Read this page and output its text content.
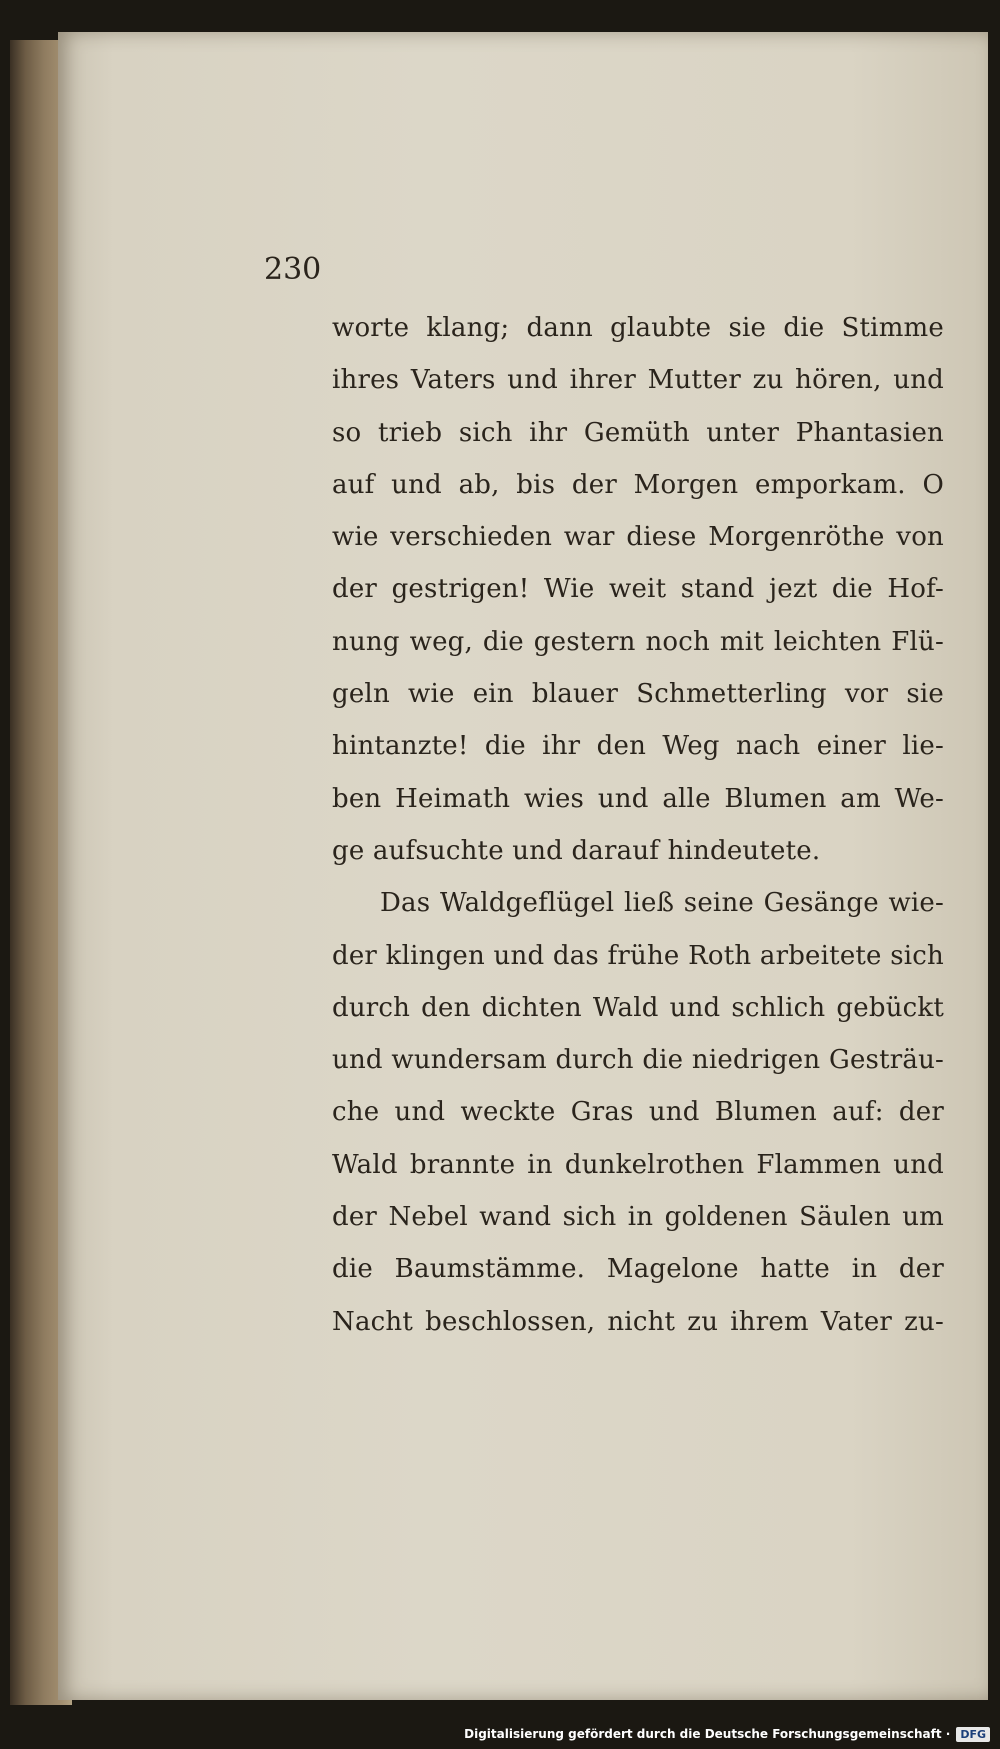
230
worte klang; dann glaubte sie die Stimme
ihres Vaters und ihrer Mutter zu hören, und
so trieb sich ihr Gemüth unter Phantasien
auf und ab, bis der Morgen emporkam. O
wie verschieden war diese Morgenröthe von
der gestrigen! Wie weit stand jezt die Hof-
nung weg, die gestern noch mit leichten Flü-
geln wie ein blauer Schmetterling vor sie
hintanzte! die ihr den Weg nach einer lie-
ben Heimath wies und alle Blumen am We-
ge aufsuchte und darauf hindeutete.
Das Waldgeflügel ließ seine Gesänge wie-
der klingen und das frühe Roth arbeitete sich
durch den dichten Wald und schlich gebückt
und wundersam durch die niedrigen Gesträu-
che und weckte Gras und Blumen auf: der
Wald brannte in dunkelrothen Flammen und
der Nebel wand sich in goldenen Säulen um
die Baumstämme. Magelone hatte in der
Nacht beschlossen, nicht zu ihrem Vater zu-
Digitalisierung gefördert durch die Deutsche Forschungsgemeinschaft · DFG
